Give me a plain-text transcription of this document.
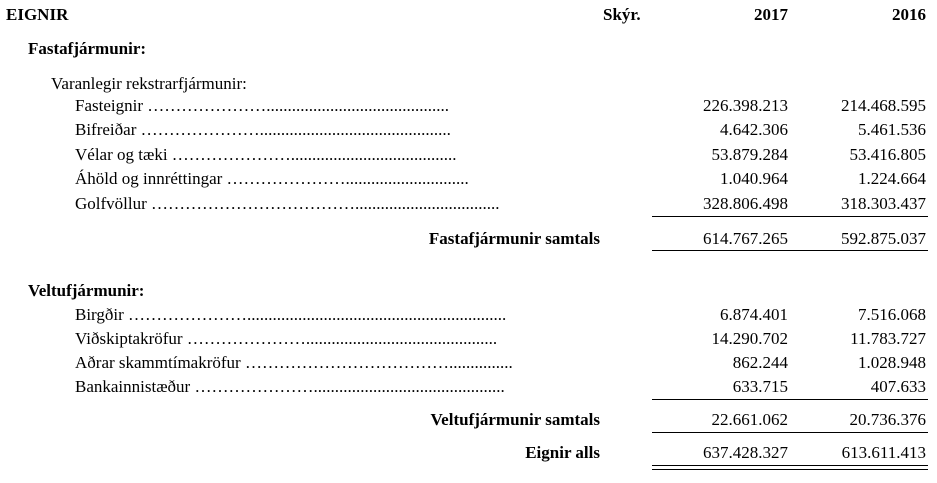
EIGNIR	Skýr.	2017	2016
Fastafjármunir:
Varanlegir rekstrarfjármunir:
Fasteignir …………………...........................................	226.398.213	214.468.595
Bifreiðar ………………….............................................	4.642.306	5.461.536
Vélar og tæki ………………….......................................	53.879.284	53.416.805
Áhöld og innréttingar ………………….............................	1.040.964	1.224.664
Golfvöllur ………………………………..................................	328.806.498	318.303.437
Fastafjármunir samtals	614.767.265	592.875.037
Veltufjármunir:
Birgðir ………………….............................................................	6.874.401	7.516.068
Viðskiptakröfur ………………….............................................	14.290.702	11.783.727
Aðrar skammtímakröfur ………………………………...............	862.244	1.028.948
Bankainnistæður ………………….............................................	633.715	407.633
Veltufjármunir samtals	22.661.062	20.736.376
Eignir alls	637.428.327	613.611.413
